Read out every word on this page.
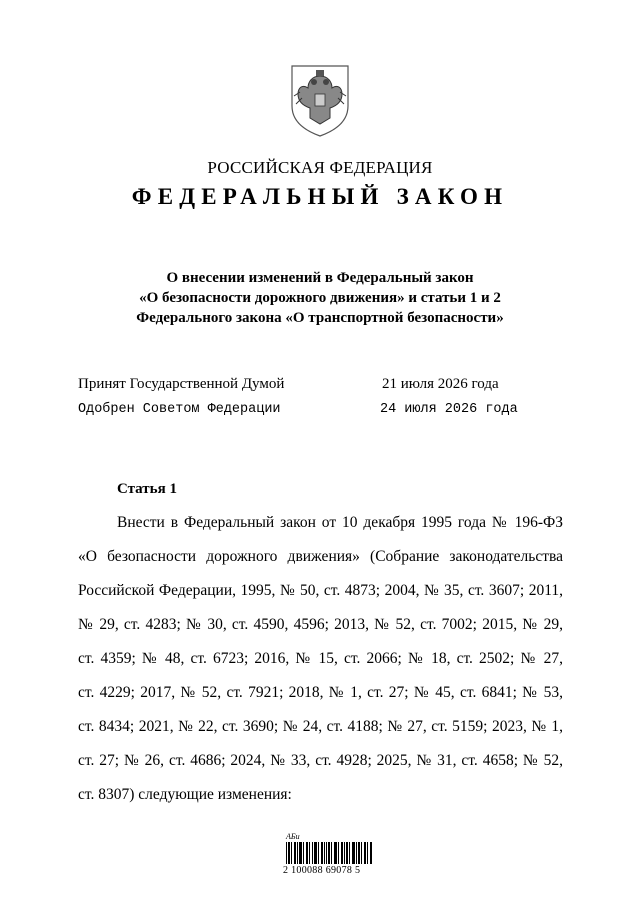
РОССИЙСКАЯ ФЕДЕРАЦИЯ
ФЕДЕРАЛЬНЫЙ ЗАКОН
О внесении изменений в Федеральный закон
«О безопасности дорожного движения» и статьи 1 и 2
Федерального закона «О транспортной безопасности»
Принят Государственной Думой	21 июля 2026 года
Одобрен Советом Федерации	24 июля 2026 года
Статья 1
Внести в Федеральный закон от 10 декабря 1995 года № 196-ФЗ
«О безопасности дорожного движения» (Собрание законодательства
Российской Федерации, 1995, № 50, ст. 4873; 2004, № 35, ст. 3607; 2011,
№ 29, ст. 4283; № 30, ст. 4590, 4596; 2013, № 52, ст. 7002; 2015, № 29,
ст. 4359; № 48, ст. 6723; 2016, № 15, ст. 2066; № 18, ст. 2502; № 27,
ст. 4229; 2017, № 52, ст. 7921; 2018, № 1, ст. 27; № 45, ст. 6841; № 53,
ст. 8434; 2021, № 22, ст. 3690; № 24, ст. 4188; № 27, ст. 5159; 2023, № 1,
ст. 27; № 26, ст. 4686; 2024, № 33, ст. 4928; 2025, № 31, ст. 4658; № 52,
ст. 8307) следующие изменения:
АБи
2 100088 69078 5
